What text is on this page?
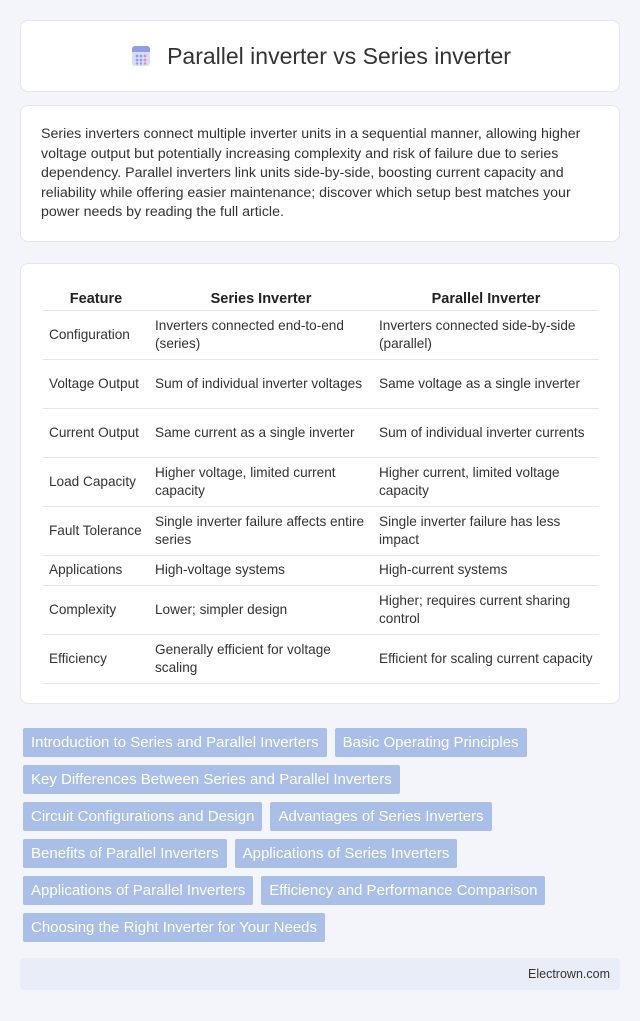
Parallel inverter vs Series inverter

Series inverters connect multiple inverter units in a sequential manner, allowing higher voltage output but potentially increasing complexity and risk of failure due to series dependency. Parallel inverters link units side-by-side, boosting current capacity and reliability while offering easier maintenance; discover which setup best matches your power needs by reading the full article.

Feature	Series Inverter	Parallel Inverter
Configuration	Inverters connected end-to-end (series)	Inverters connected side-by-side (parallel)
Voltage Output	Sum of individual inverter voltages	Same voltage as a single inverter
Current Output	Same current as a single inverter	Sum of individual inverter currents
Load Capacity	Higher voltage, limited current capacity	Higher current, limited voltage capacity
Fault Tolerance	Single inverter failure affects entire series	Single inverter failure has less impact
Applications	High-voltage systems	High-current systems
Complexity	Lower; simpler design	Higher; requires current sharing control
Efficiency	Generally efficient for voltage scaling	Efficient for scaling current capacity
Introduction to Series and Parallel Inverters	Basic Operating Principles
Key Differences Between Series and Parallel Inverters
Circuit Configurations and Design	Advantages of Series Inverters
Benefits of Parallel Inverters	Applications of Series Inverters
Applications of Parallel Inverters	Efficiency and Performance Comparison
Choosing the Right Inverter for Your Needs
Electrown.com
